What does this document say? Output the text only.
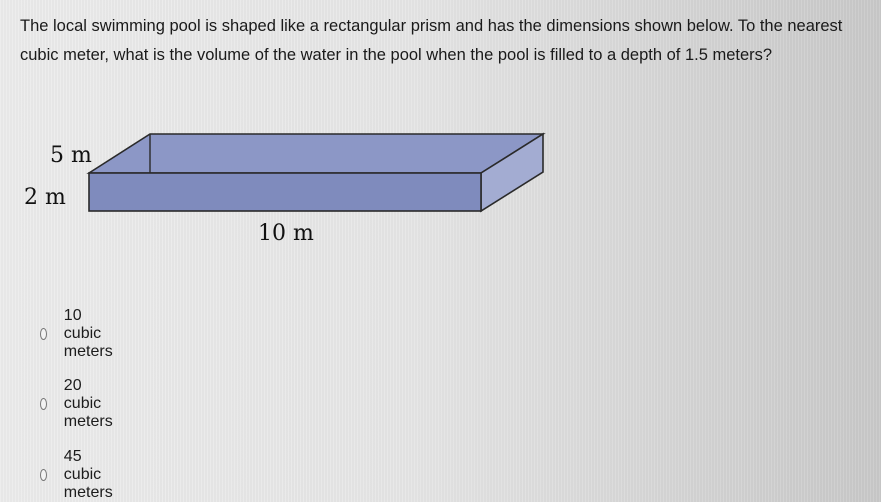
The local swimming pool is shaped like a rectangular prism and has the dimensions shown below. To the nearest cubic meter, what is the volume of the water in the pool when the pool is filled to a depth of 1.5 meters?
5 m
2 m
10 m
10 cubic meters
20 cubic meters
45 cubic meters
